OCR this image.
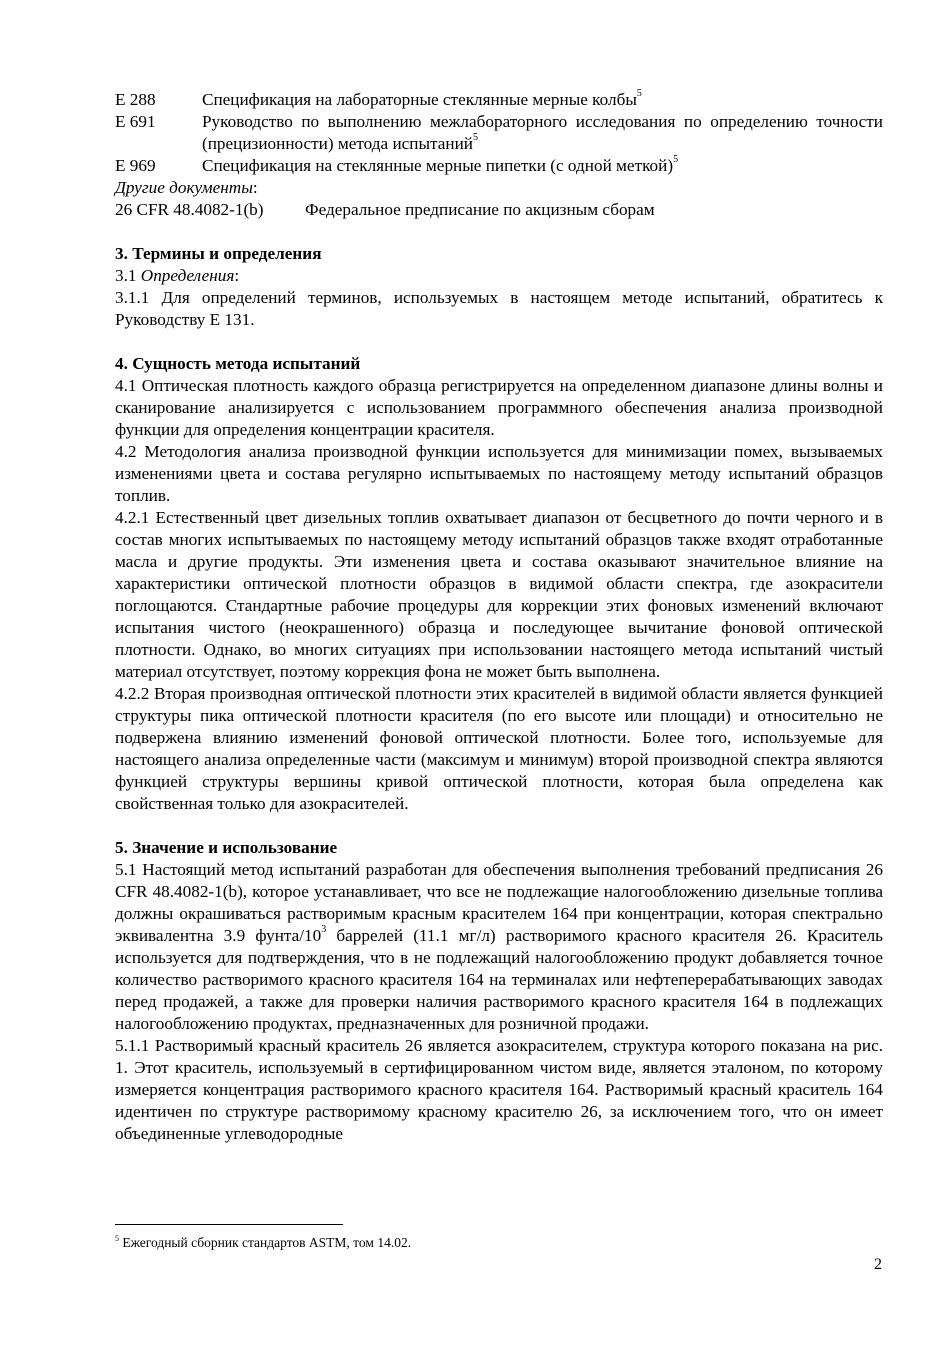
E 288	Спецификация на лабораторные стеклянные мерные колбы$^5$
E 691	Руководство по выполнению межлабораторного исследования по определению точности (прецизионности) метода испытаний$^5$
E 969	Спецификация на стеклянные мерные пипетки (с одной меткой)$^5$

Другие документы:

26 CFR 48.4082-1(b)	Федеральное предписание по акцизным сборам

3. Термины и определения

3.1 Определения:

3.1.1 Для определений терминов, используемых в настоящем методе испытаний, обратитесь к Руководству E 131.

4. Сущность метода испытаний

4.1 Оптическая плотность каждого образца регистрируется на определенном диапазоне длины волны и сканирование анализируется с использованием программного обеспечения анализа производной функции для определения концентрации красителя.

4.2 Методология анализа производной функции используется для минимизации помех, вызываемых изменениями цвета и состава регулярно испытываемых по настоящему методу испытаний образцов топлив.

4.2.1 Естественный цвет дизельных топлив охватывает диапазон от бесцветного до почти черного и в состав многих испытываемых по настоящему методу испытаний образцов также входят отработанные масла и другие продукты. Эти изменения цвета и состава оказывают значительное влияние на характеристики оптической плотности образцов в видимой области спектра, где азокрасители поглощаются. Стандартные рабочие процедуры для коррекции этих фоновых изменений включают испытания чистого (неокрашенного) образца и последующее вычитание фоновой оптической плотности. Однако, во многих ситуациях при использовании настоящего метода испытаний чистый материал отсутствует, поэтому коррекция фона не может быть выполнена.

4.2.2 Вторая производная оптической плотности этих красителей в видимой области является функцией структуры пика оптической плотности красителя (по его высоте или площади) и относительно не подвержена влиянию изменений фоновой оптической плотности. Более того, используемые для настоящего анализа определенные части (максимум и минимум) второй производной спектра являются функцией структуры вершины кривой оптической плотности, которая была определена как свойственная только для азокрасителей.

5. Значение и использование

5.1 Настоящий метод испытаний разработан для обеспечения выполнения требований предписания 26 CFR 48.4082-1(b), которое устанавливает, что все не подлежащие налогообложению дизельные топлива должны окрашиваться растворимым красным красителем 164 при концентрации, которая спектрально эквивалентна 3.9 фунта/$10^3$ баррелей (11.1 мг/л) растворимого красного красителя 26. Краситель используется для подтверждения, что в не подлежащий налогообложению продукт добавляется точное количество растворимого красного красителя 164 на терминалах или нефтеперерабатывающих заводах перед продажей, а также для проверки наличия растворимого красного красителя 164 в подлежащих налогообложению продуктах, предназначенных для розничной продажи.

5.1.1 Растворимый красный краситель 26 является азокрасителем, структура которого показана на рис. 1. Этот краситель, используемый в сертифицированном чистом виде, является эталоном, по которому измеряется концентрация растворимого красного красителя 164. Растворимый красный краситель 164 идентичен по структуре растворимому красному красителю 26, за исключением того, что он имеет объединенные углеводородные

$^5$ Ежегодный сборник стандартов ASTM, том 14.02.
2
